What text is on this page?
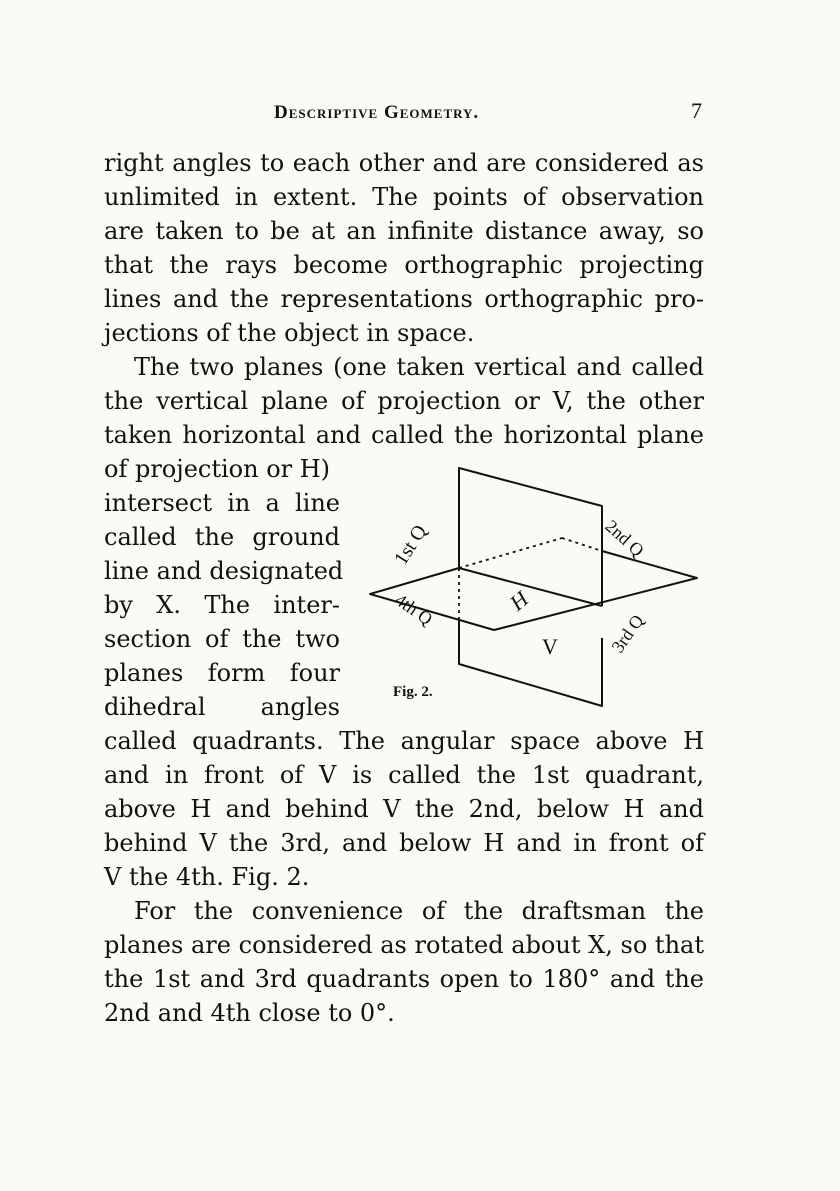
Descriptive Geometry.	7
right angles to each other and are considered as
unlimited in extent. The points of observation
are taken to be at an infinite distance away, so
that the rays become orthographic projecting
lines and the representations orthographic pro-
jections of the object in space.
The two planes (one taken vertical and called
the vertical plane of projection or V, the other
taken horizontal and called the horizontal plane
of projection or H)
intersect in a line
called the ground
line and designated
by X. The inter-
section of the two
planes form four
dihedral angles
called quadrants. The angular space above H
and in front of V is called the 1st quadrant,
above H and behind V the 2nd, below H and
behind V the 3rd, and below H and in front of
V the 4th. Fig. 2.
For the convenience of the draftsman the
planes are considered as rotated about X, so that
the 1st and 3rd quadrants open to 180° and the
2nd and 4th close to 0°.
1st Q	2nd Q
3rd Q
4th Q	H
V
Fig. 2.
